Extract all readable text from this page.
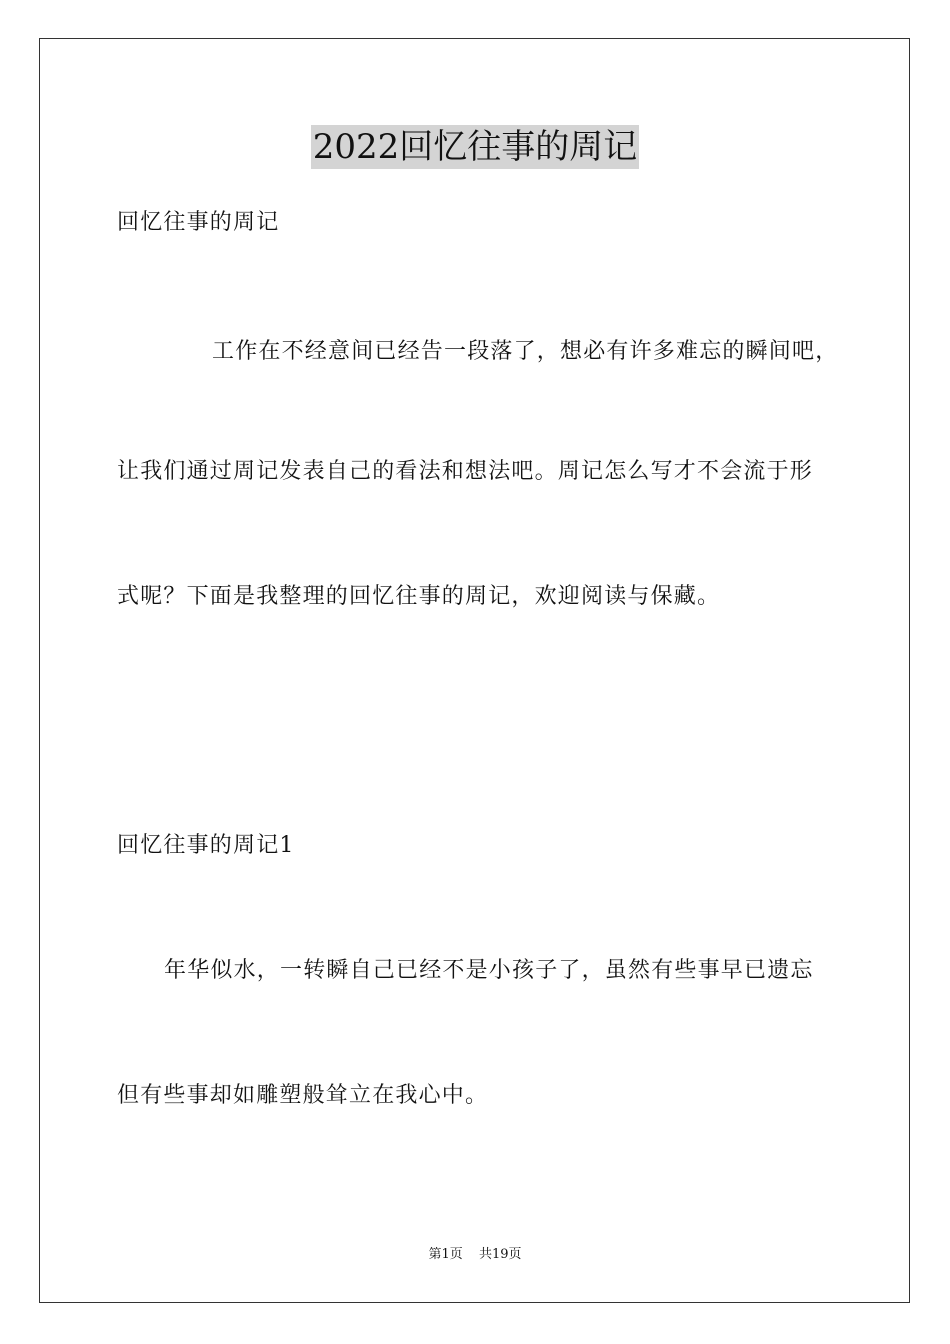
2022回忆往事的周记
回忆往事的周记
工作在不经意间已经告一段落了，想必有许多难忘的瞬间吧，
让我们通过周记发表自己的看法和想法吧。周记怎么写才不会流于形
式呢？下面是我整理的回忆往事的周记，欢迎阅读与保藏。
回忆往事的周记1
年华似水，一转瞬自己已经不是小孩子了，虽然有些事早已遗忘
但有些事却如雕塑般耸立在我心中。
第1页 共19页
